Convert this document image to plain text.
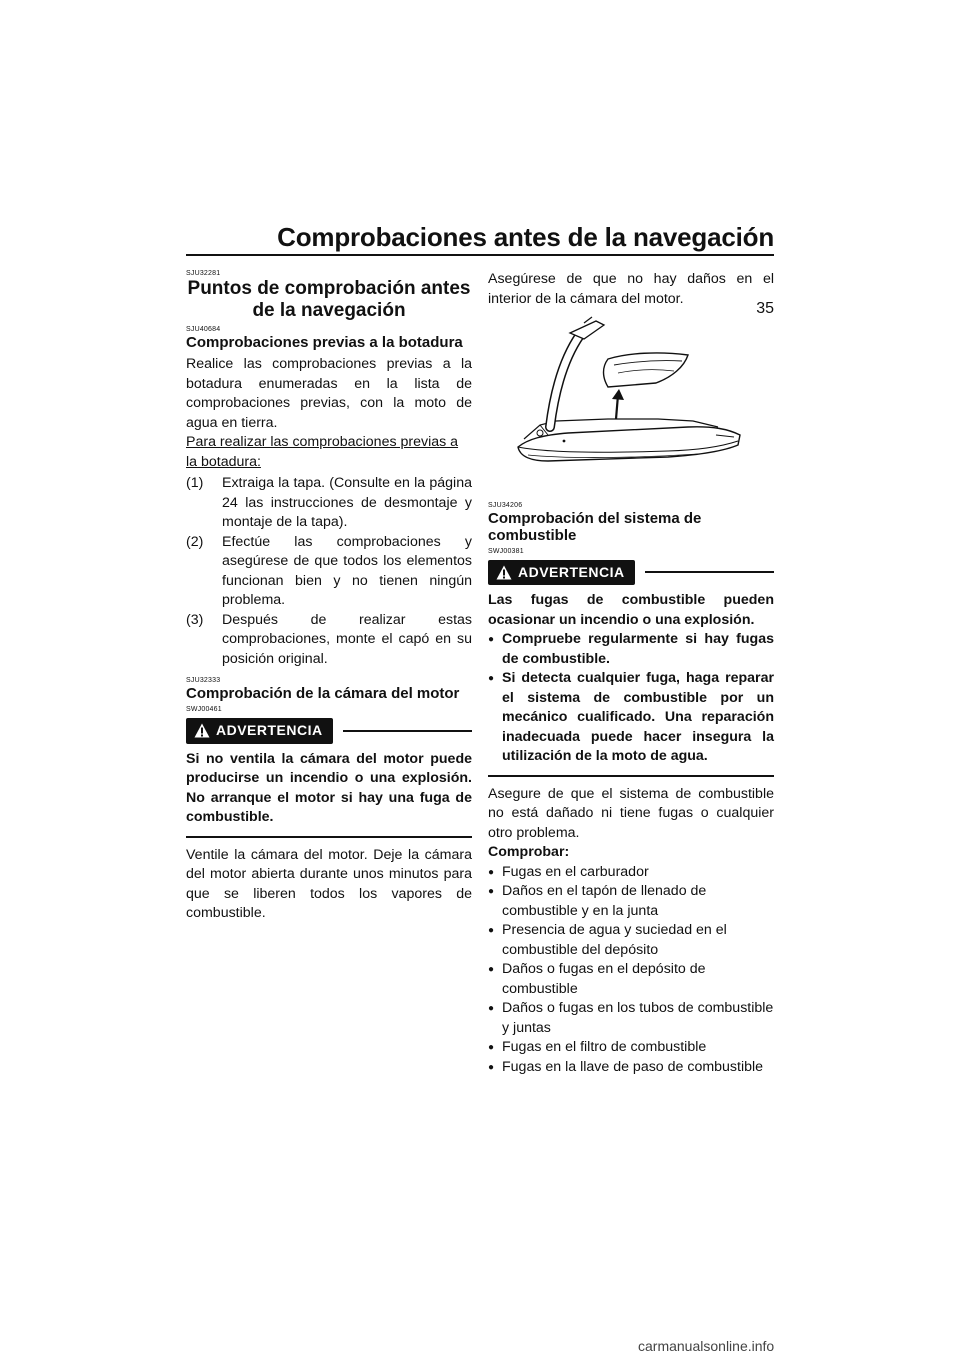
Comprobaciones antes de la navegación
35
SJU32281
Puntos de comprobación antes de la navegación
SJU40684
Comprobaciones previas a la botadura

Realice las comprobaciones previas a la botadura enumeradas en la lista de comprobaciones previas, con la moto de agua en tierra.

Para realizar las comprobaciones previas a la botadura:
(1) Extraiga la tapa. (Consulte en la página 24 las instrucciones de desmontaje y montaje de la tapa).
(2) Efectúe las comprobaciones y asegúrese de que todos los elementos funcionan bien y no tienen ningún problema.
(3) Después de realizar estas comprobaciones, monte el capó en su posición original.
SJU32333
Comprobación de la cámara del motor
SWJ00461
ADVERTENCIA

Si no ventila la cámara del motor puede producirse un incendio o una explosión. No arranque el motor si hay una fuga de combustible.

Ventile la cámara del motor. Deje la cámara del motor abierta durante unos minutos para que se liberen todos los vapores de combustible.

Asegúrese de que no hay daños en el interior de la cámara del motor.

SJU34206
Comprobación del sistema de combustible
SWJ00381
ADVERTENCIA

Las fugas de combustible pueden ocasionar un incendio o una explosión.

● Compruebe regularmente si hay fugas de combustible.
● Si detecta cualquier fuga, haga reparar el sistema de combustible por un mecánico cualificado. Una reparación inadecuada puede hacer insegura la utilización de la moto de agua.

Asegure de que el sistema de combustible no está dañado ni tiene fugas o cualquier otro problema.

Comprobar:
● Fugas en el carburador
● Daños en el tapón de llenado de combustible y en la junta
● Presencia de agua y suciedad en el combustible del depósito
● Daños o fugas en el depósito de combustible
● Daños o fugas en los tubos de combustible y juntas
● Fugas en el filtro de combustible
● Fugas en la llave de paso de combustible
carmanualsonline.info
